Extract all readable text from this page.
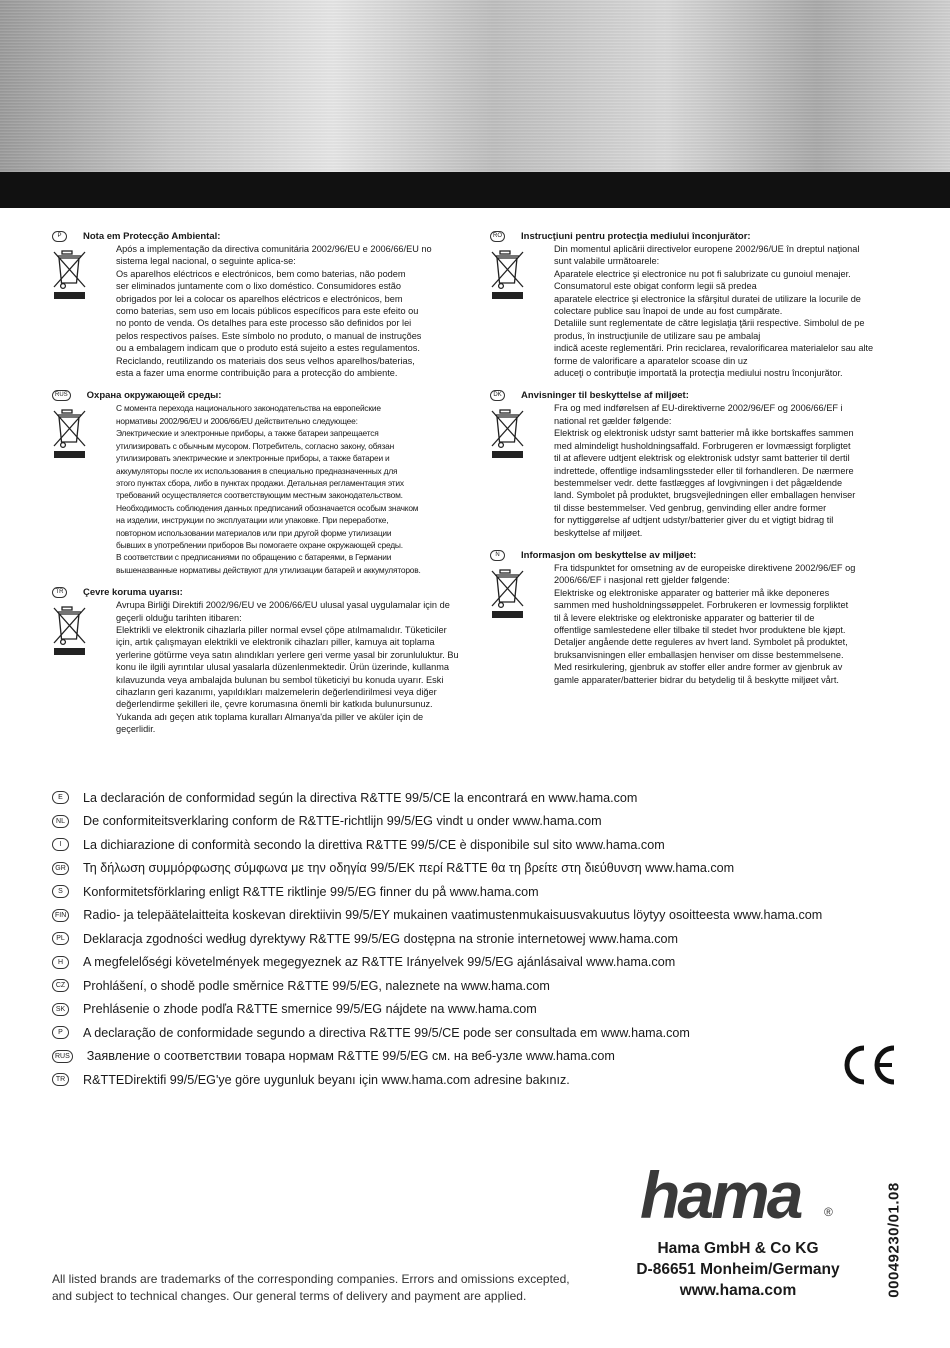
P	Nota em Protecção Ambiental:
Após a implementação da directiva comunitária 2002/96/EU e 2006/66/EU no
sistema legal nacional, o seguinte aplica-se:
Os aparelhos eléctricos e electrónicos, bem como baterias, não podem
ser eliminados juntamente com o lixo doméstico. Consumidores estão
obrigados por lei a colocar os aparelhos eléctricos e electrónicos, bem
como baterias, sem uso em locais públicos específicos para este efeito ou
no ponto de venda. Os detalhes para este processo são definidos por lei
pelos respectivos países. Este símbolo no produto, o manual de instruções
ou a embalagem indicam que o produto está sujeito a estes regulamentos.
Reciclando, reutilizando os materiais dos seus velhos aparelhos/baterias,
esta a fazer uma enorme contribuição para a protecção do ambiente.
RUS	Охрана окружающей среды:
С момента перехода национального законодательства на европейские
нормативы 2002/96/EU и 2006/66/EU действительно следующее:
Электрические и электронные приборы, а также батареи запрещается
утилизировать с обычным мусором. Потребитель, согласно закону, обязан
утилизировать электрические и электронные приборы, а также батареи и
аккумуляторы после их использования в специально предназначенных для
этого пунктах сбора, либо в пунктах продажи. Детальная регламентация этих
требований осуществляется соответствующим местным законодательством.
Необходимость соблюдения данных предписаний обозначается особым значком
на изделии, инструкции по эксплуатации или упаковке. При переработке,
повторном использовании материалов или при другой форме утилизации
бывших в употреблении приборов Вы помогаете охране окружающей среды.
В соответствии с предписаниями по обращению с батареями, в Германии
вышеназванные нормативы действуют для утилизации батарей и аккумуляторов.
TR	Çevre koruma uyarısı:
Avrupa Birliği Direktifi 2002/96/EU ve 2006/66/EU ulusal yasal uygulamalar için de
geçerli olduğu tarihten itibaren:
Elektrikli ve elektronik cihazlarla piller normal evsel çöpe atılmamalıdır. Tüketiciler
için, artık çalışmayan elektrikli ve elektronik cihazları piller, kamuya ait toplama
yerlerine götürme veya satın alındıkları yerlere geri verme yasal bir zorunluluktur. Bu
konu ile ilgili ayrıntılar ulusal yasalarla düzenlenmektedir. Ürün üzerinde, kullanma
kılavuzunda veya ambalajda bulunan bu sembol tüketiciyi bu konuda uyarır. Eski
cihazların geri kazanımı, yapıldıkları malzemelerin değerlendirilmesi veya diğer
değerlendirme şekilleri ile, çevre korumasına önemli bir katkıda bulunursunuz.
Yukanda adı geçen atık toplama kuralları Almanya'da piller ve aküler için de
geçerlidir.
RO	Instrucţiuni pentru protecţia mediului înconjurător:
Din momentul aplicării directivelor europene 2002/96/UE în dreptul naţional
sunt valabile următoarele:
Aparatele electrice şi electronice nu pot fi salubrizate cu gunoiul menajer.
Consumatorul este obigat conform legii să predea
aparatele electrice şi electronice la sfârşitul duratei de utilizare la locurile de
colectare publice sau înapoi de unde au fost cumpărate.
Detaliile sunt reglementate de către legislaţia ţării respective. Simbolul de pe
produs, în instrucţiunile de utilizare sau pe ambalaj
indică aceste reglementări. Prin reciclarea, revalorificarea materialelor sau alte
forme de valorificare a aparatelor scoase din uz
aduceţi o contribuţie importată la protecţia mediului nostru înconjurător.
DK	Anvisninger til beskyttelse af miljøet:
Fra og med indførelsen af EU-direktiverne 2002/96/EF og 2006/66/EF i
national ret gælder følgende:
Elektrisk og elektronisk udstyr samt batterier må ikke bortskaffes sammen
med almindeligt husholdningsaffald. Forbrugeren er lovmæssigt forpligtet
til at aflevere udtjent elektrisk og elektronisk udstyr samt batterier til dertil
indrettede, offentlige indsamlingssteder eller til forhandleren. De nærmere
bestemmelser vedr. dette fastlægges af lovgivningen i det pågældende
land. Symbolet på produktet, brugsvejledningen eller emballagen henviser
til disse bestemmelser. Ved genbrug, genvinding eller andre former
for nyttiggørelse af udtjent udstyr/batterier giver du et vigtigt bidrag til
beskyttelse af miljøet.
N	Informasjon om beskyttelse av miljøet:
Fra tidspunktet for omsetning av de europeiske direktivene 2002/96/EF og
2006/66/EF i nasjonal rett gjelder følgende:
Elektriske og elektroniske apparater og batterier må ikke deponeres
sammen med husholdningssøppelet. Forbrukeren er lovmessig forpliktet
til å levere elektriske og elektroniske apparater og batterier til de
offentlige samlestedene eller tilbake til stedet hvor produktene ble kjøpt.
Detaljer angående dette reguleres av hvert land. Symbolet på produktet,
bruksanvisningen eller emballasjen henviser om disse bestemmelsene.
Med resirkulering, gjenbruk av stoffer eller andre former av gjenbruk av
gamle apparater/batterier bidrar du betydelig til å beskytte miljøet vårt.
E	La declaración de conformidad según la directiva R&TTE 99/5/CE la encontrará en www.hama.com
NL	De conformiteitsverklaring conform de R&TTE-richtlijn 99/5/EG vindt u onder www.hama.com
I	La dichiarazione di conformità secondo la direttiva R&TTE 99/5/CE è disponibile sul sito www.hama.com
GR Τη δήλωση συμμόρφωσης σύμφωνα με την οδηγία 99/5/ΕΚ περί R&TTE θα τη βρείτε στη διεύθυνση www.hama.com
S	Konformitetsförklaring enligt R&TTE riktlinje 99/5/EG finner du på www.hama.com
FIN Radio- ja telepäätelaitteita koskevan direktiivin 99/5/EY mukainen vaatimustenmukaisuusvakuutus löytyy osoitteesta www.hama.com
PL	Deklaracja zgodności według dyrektywy R&TTE 99/5/EG dostępna na stronie internetowej www.hama.com
H	A megfelelőségi követelmények megegyeznek az R&TTE Irányelvek 99/5/EG ajánlásaival www.hama.com
CZ	Prohlášení, o shodě podle směrnice R&TTE 99/5/EG, naleznete na www.hama.com
SK	Prehlásenie o zhode podľa R&TTE smernice 99/5/EG nájdete na www.hama.com
P	A declaração de conformidade segundo a directiva R&TTE 99/5/CE pode ser consultada em www.hama.com
RUS Заявление о соответствии товара нормам R&TTE 99/5/EG см. на веб-узле www.hama.com
TR	R&TTEDirektifi 99/5/EG'ye göre uygunluk beyanı için www.hama.com adresine bakınız.
hama ®
Hama GmbH & Co KG
D-86651 Monheim/Germany
www.hama.com	00049230/01.08
All listed brands are trademarks of the corresponding companies. Errors and omissions excepted,
and subject to technical changes. Our general terms of delivery and payment are applied.
